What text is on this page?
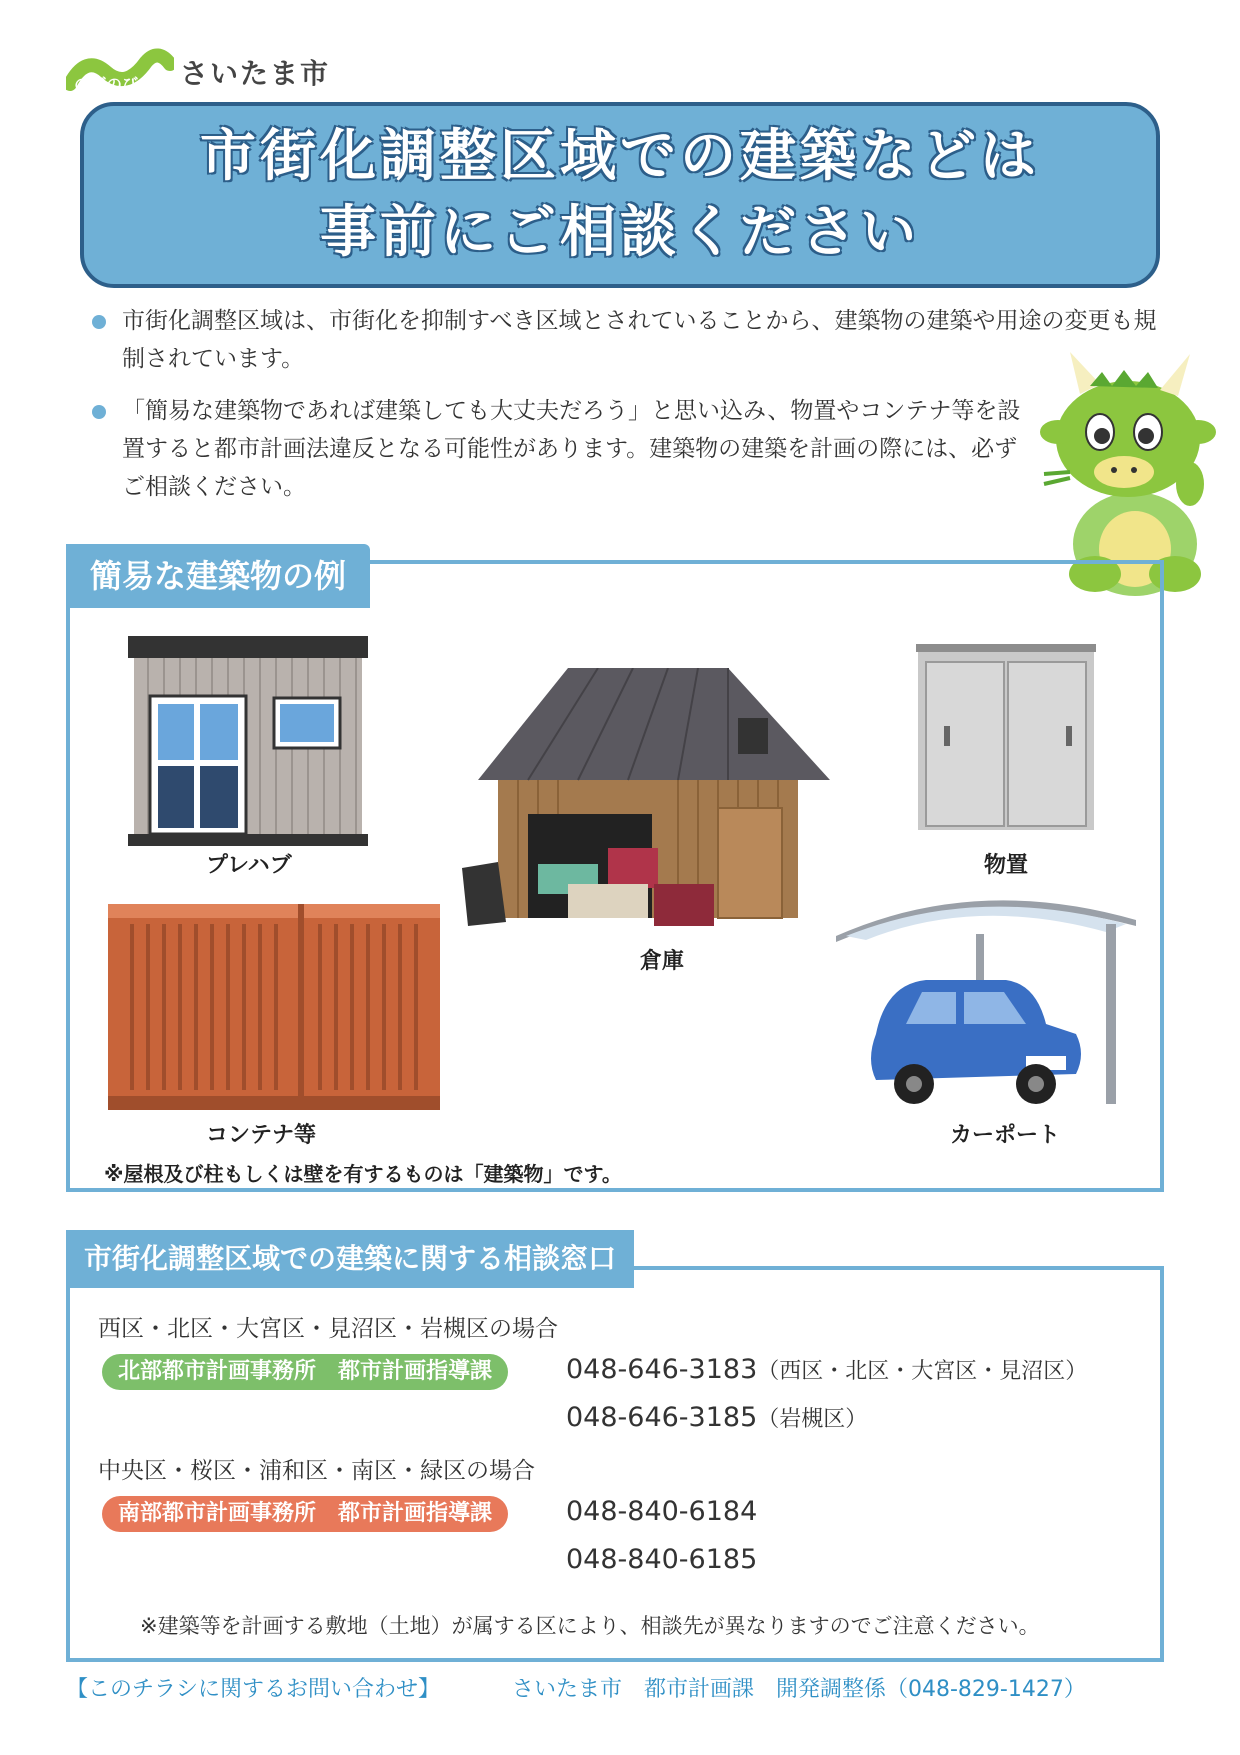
のびのび さいたま市
市街化調整区域での建築などは
事前にご相談ください
市街化調整区域は、市街化を抑制すべき区域とされていることから、建築物の建築や用途の変更も規制されています。
「簡易な建築物であれば建築しても大丈夫だろう」と思い込み、物置やコンテナ等を設置すると都市計画法違反となる可能性があります。建築物の建築を計画の際には、必ずご相談ください。
簡易な建築物の例
プレハブ
倉庫
物置
コンテナ等	カーポート
※屋根及び柱もしくは壁を有するものは「建築物」です。
市街化調整区域での建築に関する相談窓口
西区・北区・大宮区・見沼区・岩槻区の場合
北部都市計画事務所　都市計画指導課	048-646-3183（西区・北区・大宮区・見沼区）
048-646-3185（岩槻区）
中央区・桜区・浦和区・南区・緑区の場合
南部都市計画事務所　都市計画指導課	048-840-6184
048-840-6185
※建築等を計画する敷地（土地）が属する区により、相談先が異なりますのでご注意ください。
【このチラシに関するお問い合わせ】	さいたま市　都市計画課　開発調整係（048-829-1427）
